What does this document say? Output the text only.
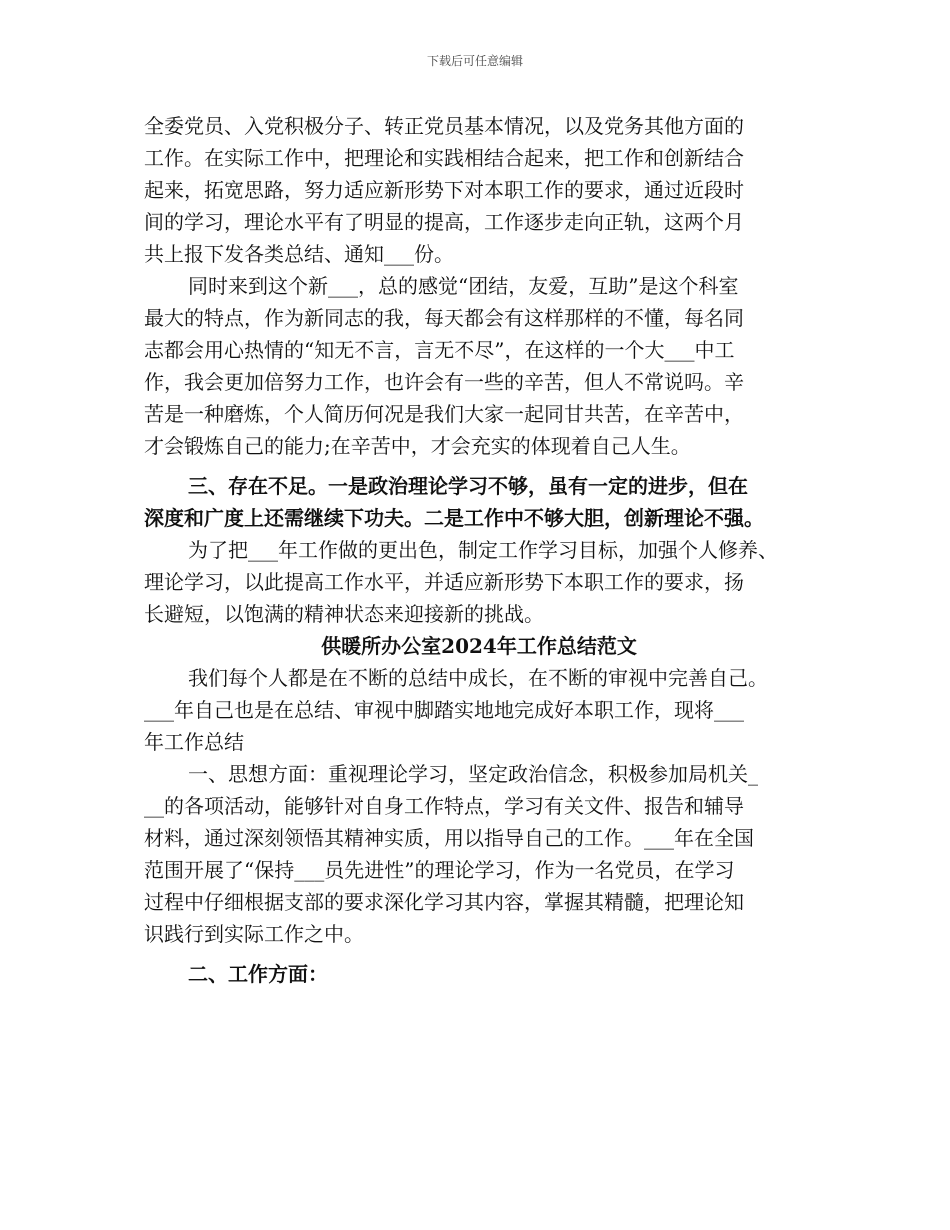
下载后可任意编辑
全委党员、入党积极分子、转正党员基本情况，以及党务其他方面的
工作。在实际工作中，把理论和实践相结合起来，把工作和创新结合
起来，拓宽思路，努力适应新形势下对本职工作的要求，通过近段时
间的学习，理论水平有了明显的提高，工作逐步走向正轨，这两个月
共上报下发各类总结、通知___份。
同时来到这个新___，总的感觉“团结，友爱，互助”是这个科室
最大的特点，作为新同志的我，每天都会有这样那样的不懂，每名同
志都会用心热情的“知无不言，言无不尽”，在这样的一个大___中工
作，我会更加倍努力工作，也许会有一些的辛苦，但人不常说吗。辛
苦是一种磨炼，个人简历何况是我们大家一起同甘共苦，在辛苦中，
才会锻炼自己的能力;在辛苦中，才会充实的体现着自己人生。
三、存在不足。一是政治理论学习不够，虽有一定的进步，但在
深度和广度上还需继续下功夫。二是工作中不够大胆，创新理论不强。
为了把___年工作做的更出色，制定工作学习目标，加强个人修养、
理论学习，以此提高工作水平，并适应新形势下本职工作的要求，扬
长避短，以饱满的精神状态来迎接新的挑战。
供暖所办公室2024年工作总结范文
我们每个人都是在不断的总结中成长，在不断的审视中完善自己。
___年自己也是在总结、审视中脚踏实地地完成好本职工作，现将___
年工作总结
一、思想方面：重视理论学习，坚定政治信念，积极参加局机关_
__的各项活动，能够针对自身工作特点，学习有关文件、报告和辅导
材料，通过深刻领悟其精神实质，用以指导自己的工作。___年在全国
范围开展了“保持___员先进性”的理论学习，作为一名党员，在学习
过程中仔细根据支部的要求深化学习其内容，掌握其精髓，把理论知
识践行到实际工作之中。
二、工作方面：
